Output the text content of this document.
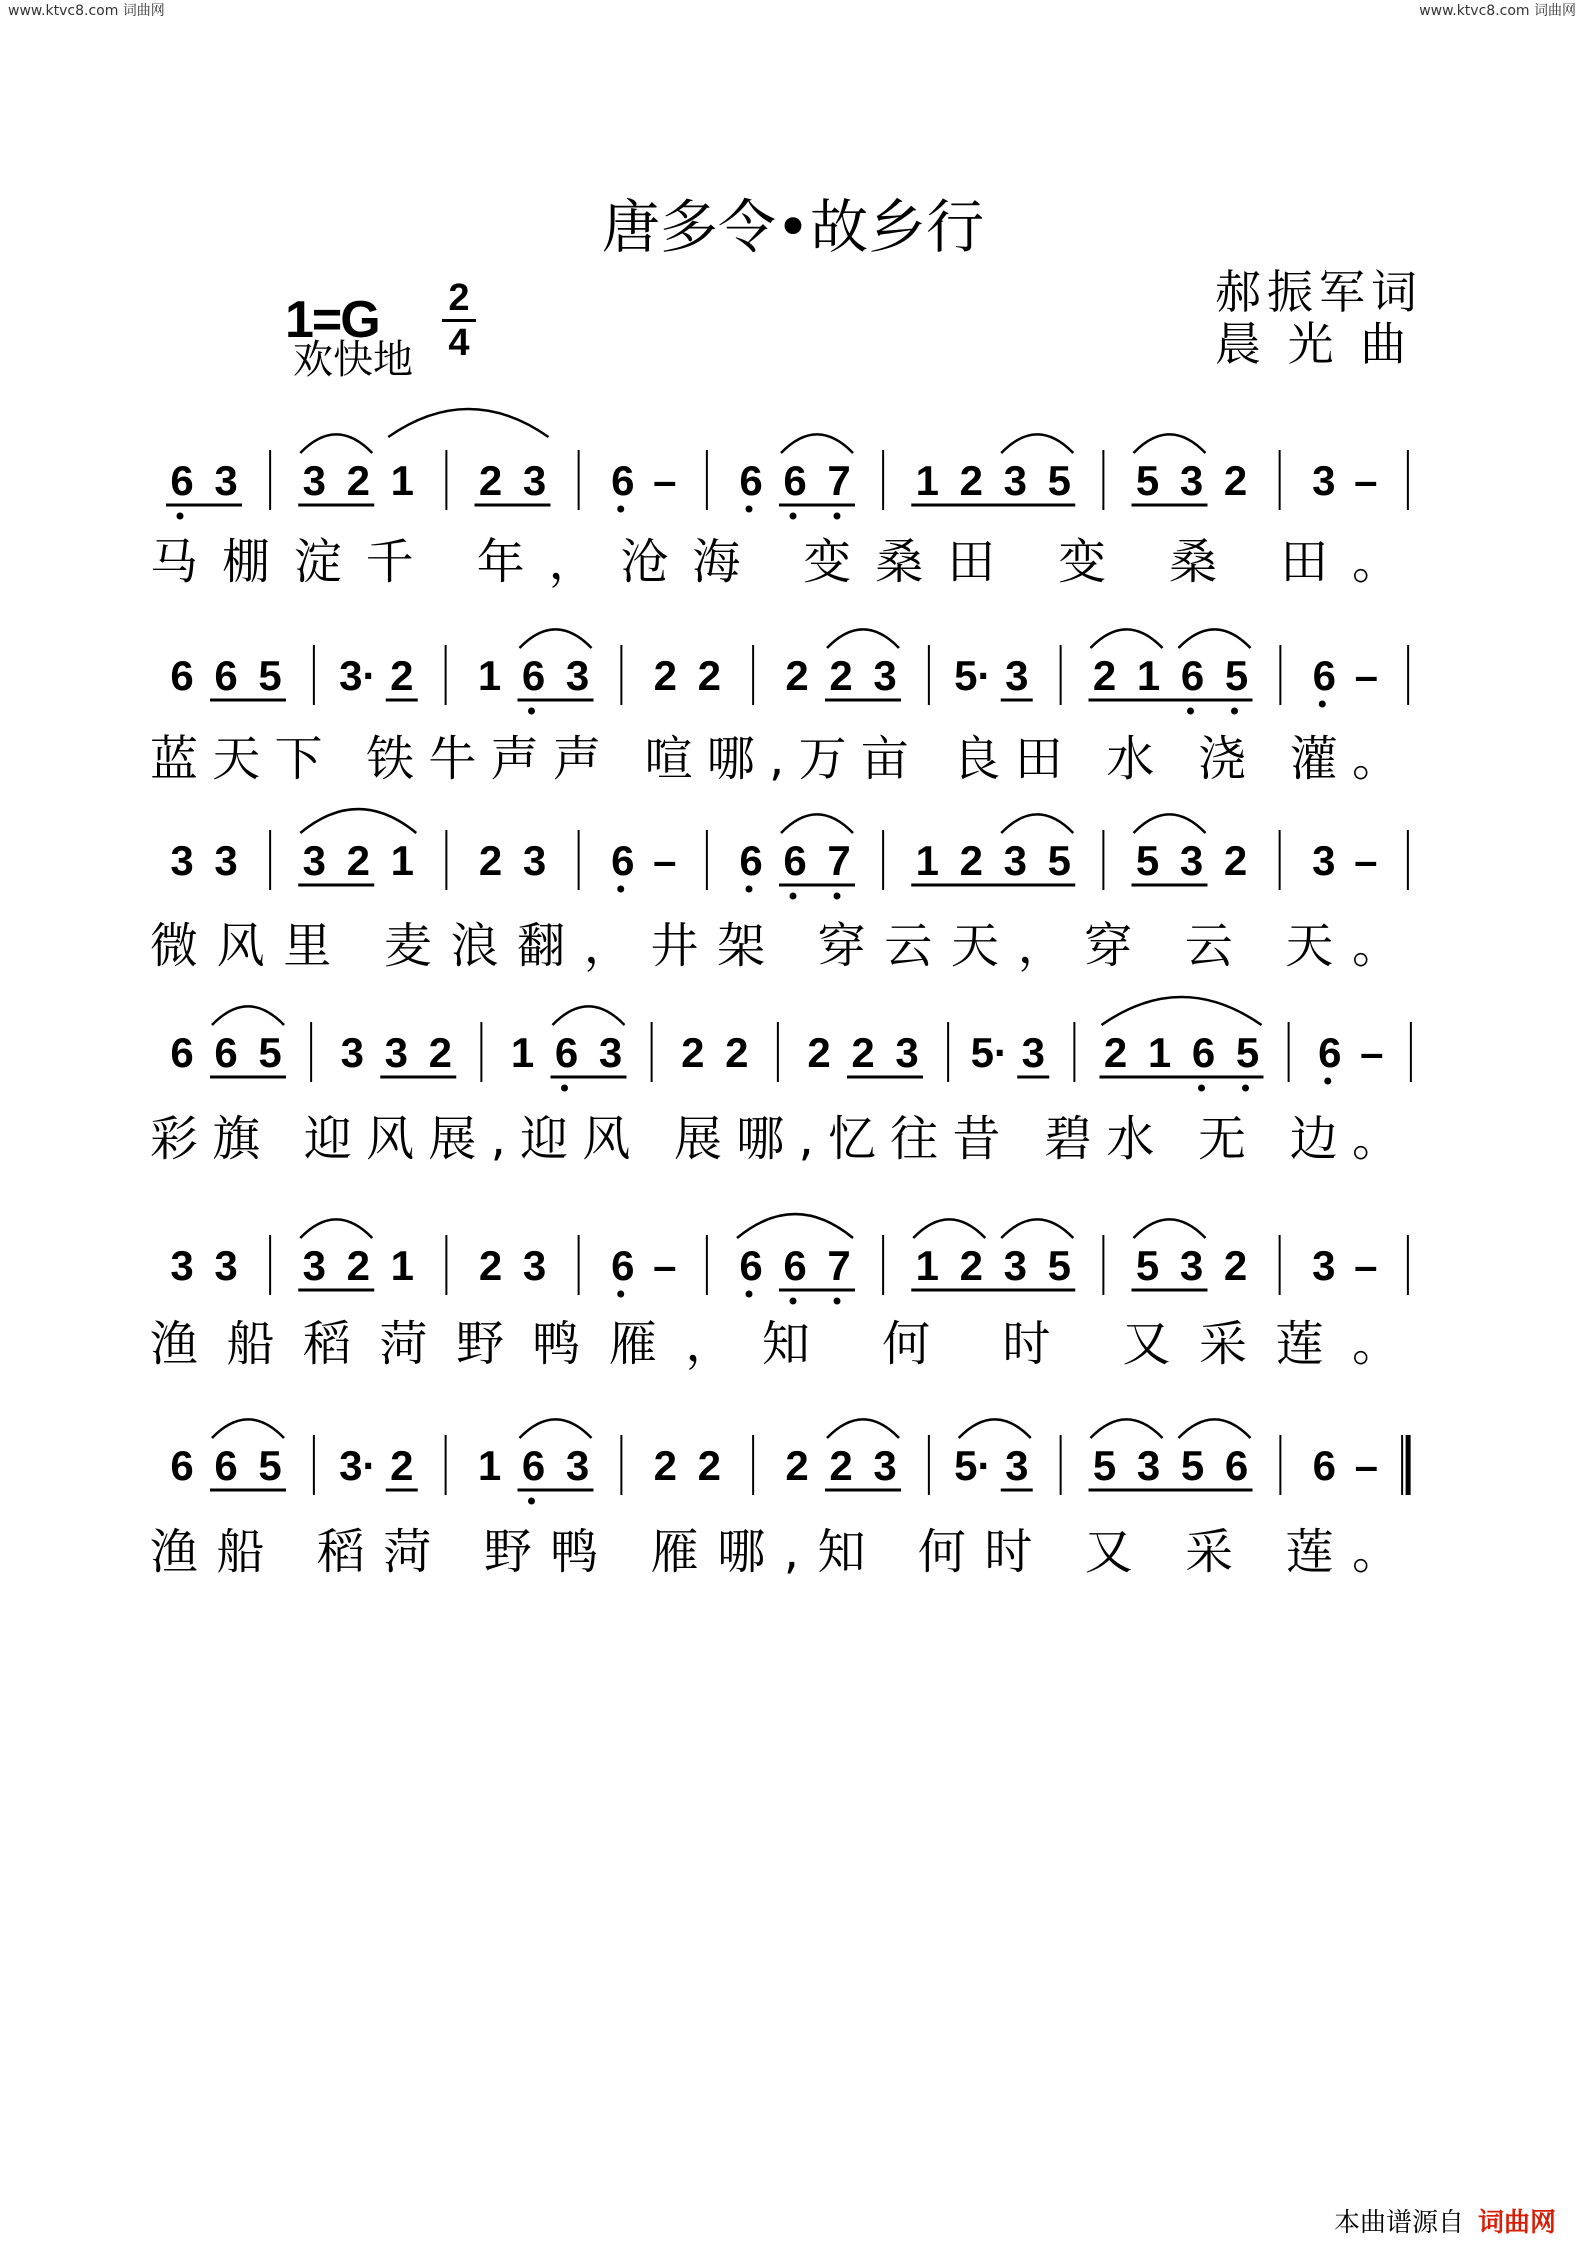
www.ktvc8.com 词曲网	www.ktvc8.com 词曲网
唐多令•故乡行
1=G 2
4
欢快地
郝振军词
晨 光 曲
6 3 3 2 1 2 3 6 – 6 6 7 1 2 3 5 5 3 2 3 –
马棚淀千 年，沧海 变桑田 变 桑 田。
6 6 5 3· 2 1 6 3 2 2 2 2 3 5· 3 2 1 6 5 6 –
蓝天下 铁牛声声 喧哪,万亩 良田 水 浇 灌。
3 3 3 2 1 2 3 6 – 6 6 7 1 2 3 5 5 3 2 3 –
微风里 麦浪翻，井架 穿云天，穿 云 天。
6 6 5 3 3 2 1 6 3 2 2 2 2 3 5· 3 2 1 6 5 6 –
彩旗 迎风展,迎风 展哪,忆往昔 碧水 无 边。
3 3 3 2 1 2 3 6 – 6 6 7 1 2 3 5 5 3 2 3 –
渔船稻菏野鸭雁，知 何 时 又采莲。
6 6 5 3· 2 1 6 3 2 2 2 2 3 5· 3 5 3 5 6 6 –
渔船 稻菏 野鸭 雁哪,知 何时 又 采 莲。
本曲谱源自 词曲网
